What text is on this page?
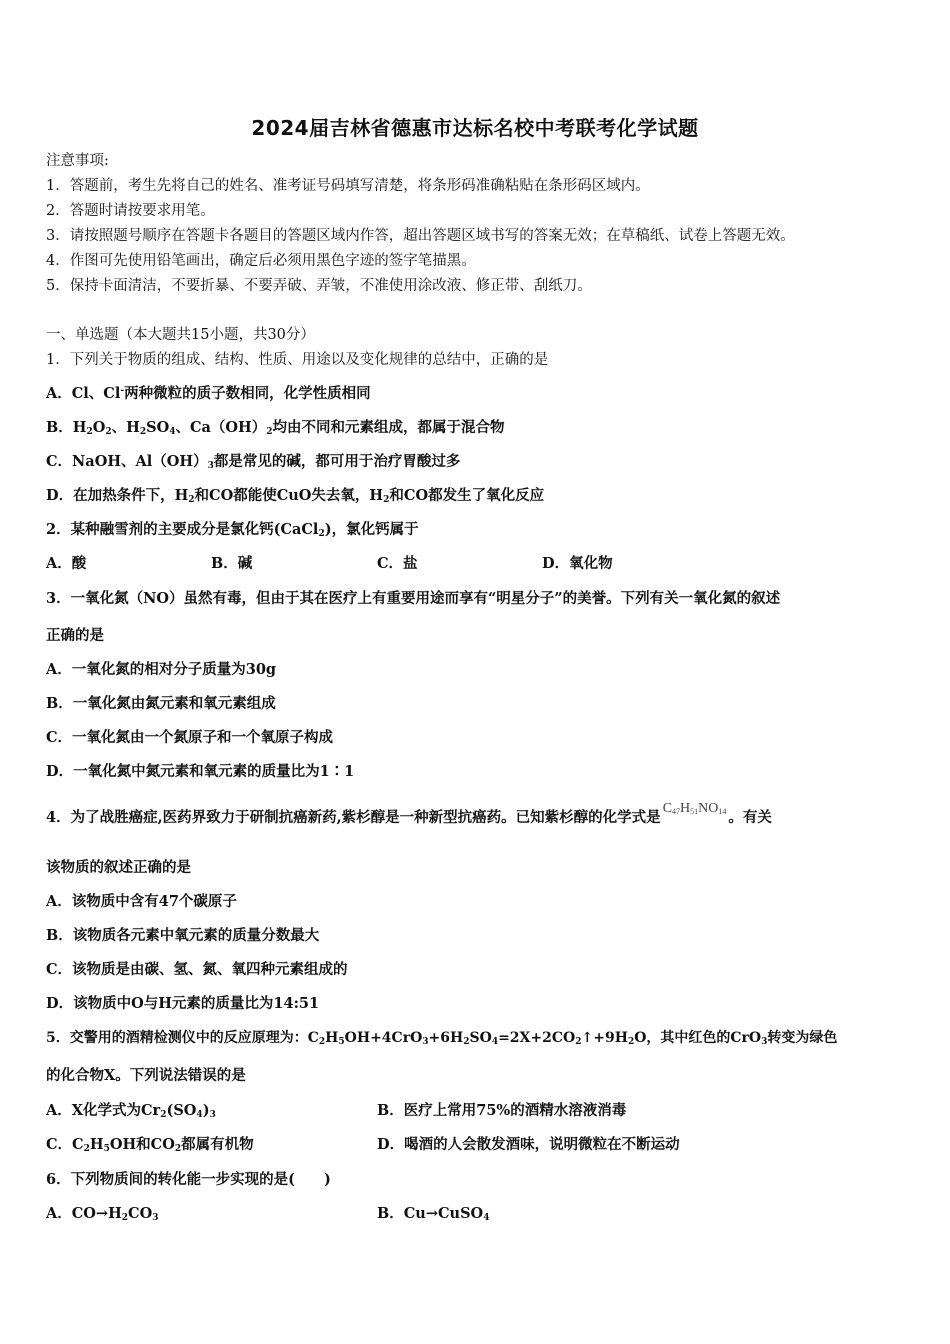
2024届吉林省德惠市达标名校中考联考化学试题
注意事项:
1．答题前，考生先将自己的姓名、准考证号码填写清楚，将条形码准确粘贴在条形码区域内。
2．答题时请按要求用笔。
3．请按照题号顺序在答题卡各题目的答题区域内作答，超出答题区域书写的答案无效；在草稿纸、试卷上答题无效。
4．作图可先使用铅笔画出，确定后必须用黑色字迹的签字笔描黑。
5．保持卡面清洁，不要折暴、不要弄破、弄皱，不准使用涂改液、修正带、刮纸刀。
一、单选题（本大题共15小题，共30分）
1．下列关于物质的组成、结构、性质、用途以及变化规律的总结中，正确的是
A．Cl、Cl-两种微粒的质子数相同，化学性质相同
B．$H_2O_2$、$H_2SO_4$、$Ca(OH)_2$均由不同和元素组成，都属于混合物
C．NaOH、$Al(OH)_3$都是常见的碱，都可用于治疗胃酸过多
D．在加热条件下，$H_2$和CO都能使CuO失去氧，$H_2$和CO都发生了氧化反应
2．某种融雪剂的主要成分是氯化钙(CaCl$_2$)，氯化钙属于
A．酸	B．碱	C．盐	D．氧化物
3．一氧化氮（NO）虽然有毒，但由于其在医疗上有重要用途而享有“明星分子”的美誉。下列有关一氧化氮的叙述
正确的是
A．一氧化氮的相对分子质量为30g
B．一氧化氮由氮元素和氧元素组成
C．一氧化氮由一个氮原子和一个氧原子构成
D．一氧化氮中氮元素和氧元素的质量比为1∶1
4．为了战胜癌症,医药界致力于研制抗癌新药,紫杉醇是一种新型抗癌药。已知紫杉醇的化学式是$C_{47}H_{51}NO_{14}$ 。有关
该物质的叙述正确的是
A．该物质中含有47个碳原子
B．该物质各元素中氧元素的质量分数最大
C．该物质是由碳、氢、氮、氧四种元素组成的
D．该物质中O与H元素的质量比为14:51
5．交警用的酒精检测仪中的反应原理为：$C_2H_5OH+4CrO_3+6H_2SO_4=2X+2CO_2↑+9H_2O$，其中红色的CrO$_3$转变为绿色
的化合物X。下列说法错误的是
A．X化学式为$Cr_2(SO_4)_3$	B．医疗上常用75%的酒精水溶液消毒
C．$C_2H_5OH$和$CO_2$都属有机物	D．喝酒的人会散发酒味，说明微粒在不断运动
6．下列物质间的转化能一步实现的是(　　)
A．$CO\to H_2CO_3$	B．Cu→CuSO$_4$
